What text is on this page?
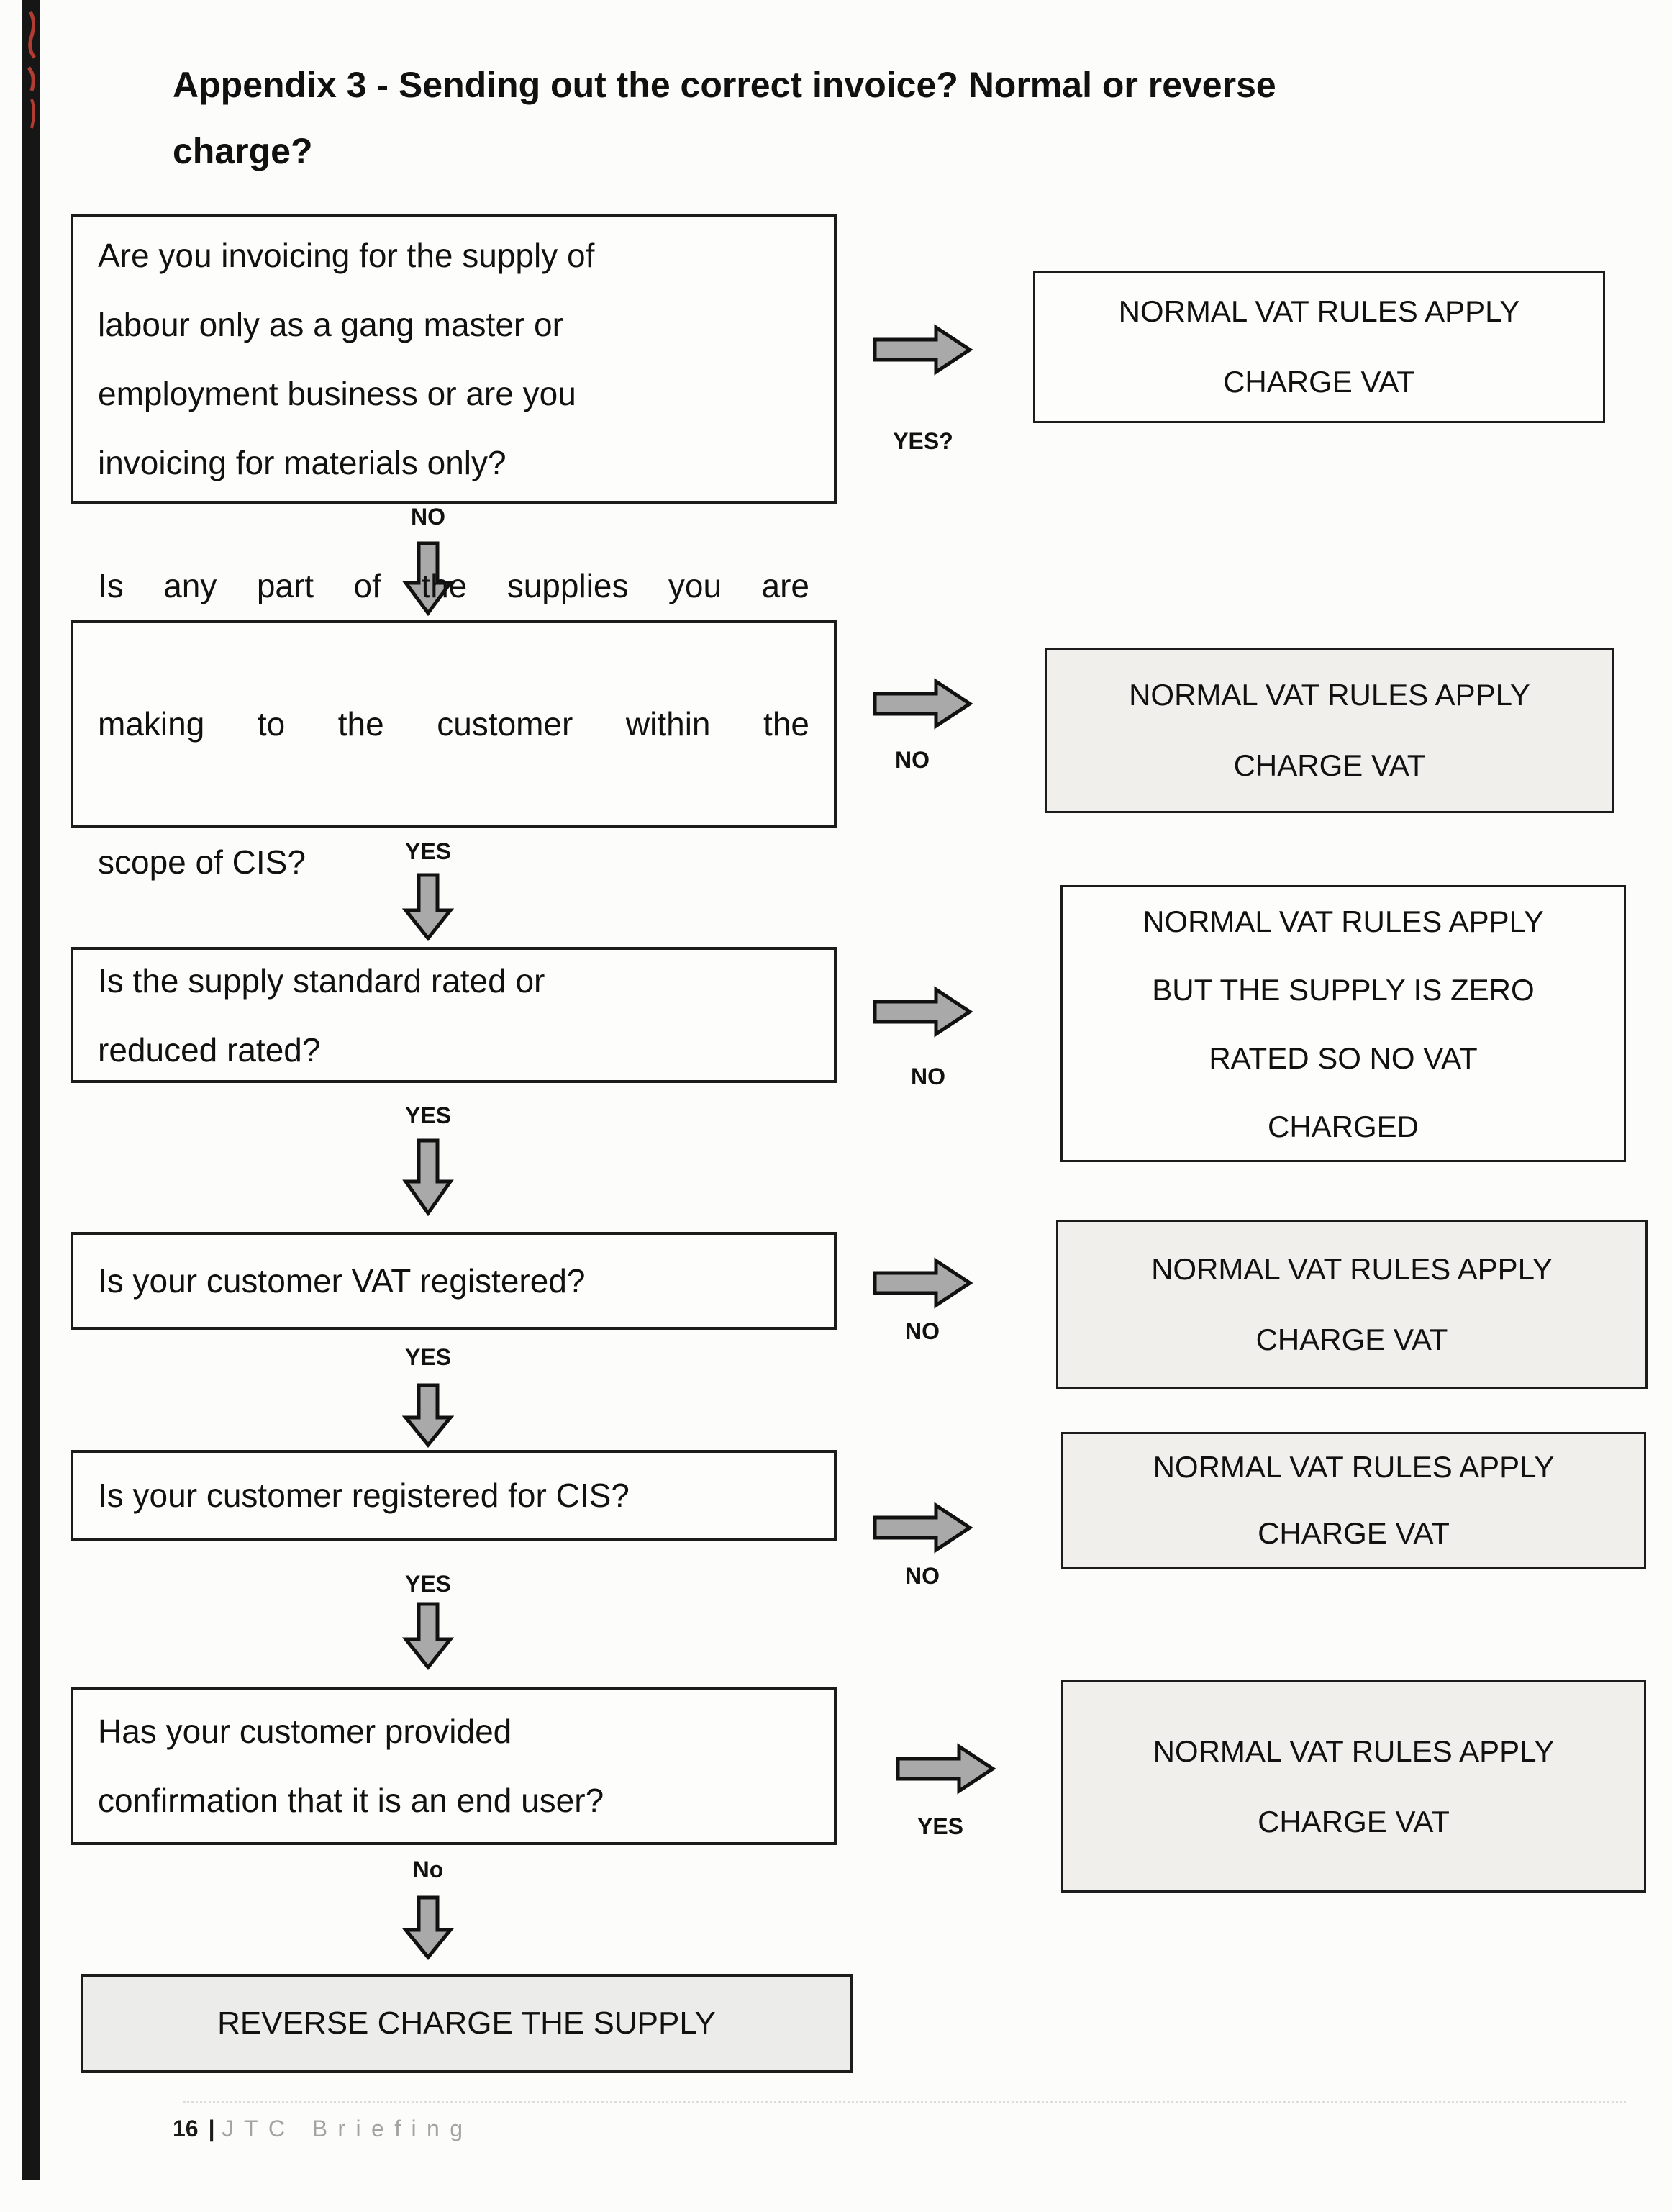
Appendix 3 - Sending out the correct invoice? Normal or reverse
charge?
Are you invoicing for the supply of
labour only as a gang master or
employment business or are you
invoicing for materials only?
YES?
NORMAL VAT RULES APPLY
CHARGE VAT
NO
Is any part of the supplies you are
making to the customer within the
scope of CIS?
NO
NORMAL VAT RULES APPLY
CHARGE VAT
YES
Is the supply standard rated or
reduced rated?
NO
NORMAL VAT RULES APPLY
BUT THE SUPPLY IS ZERO
RATED SO NO VAT
CHARGED
YES
Is your customer VAT registered?
NO
NORMAL VAT RULES APPLY
CHARGE VAT
YES
Is your customer registered for CIS?
NO
NORMAL VAT RULES APPLY
CHARGE VAT
YES
Has your customer provided
confirmation that it is an end user?
YES
NORMAL VAT RULES APPLY
CHARGE VAT
No
REVERSE CHARGE THE SUPPLY
16 | JTC Briefing
